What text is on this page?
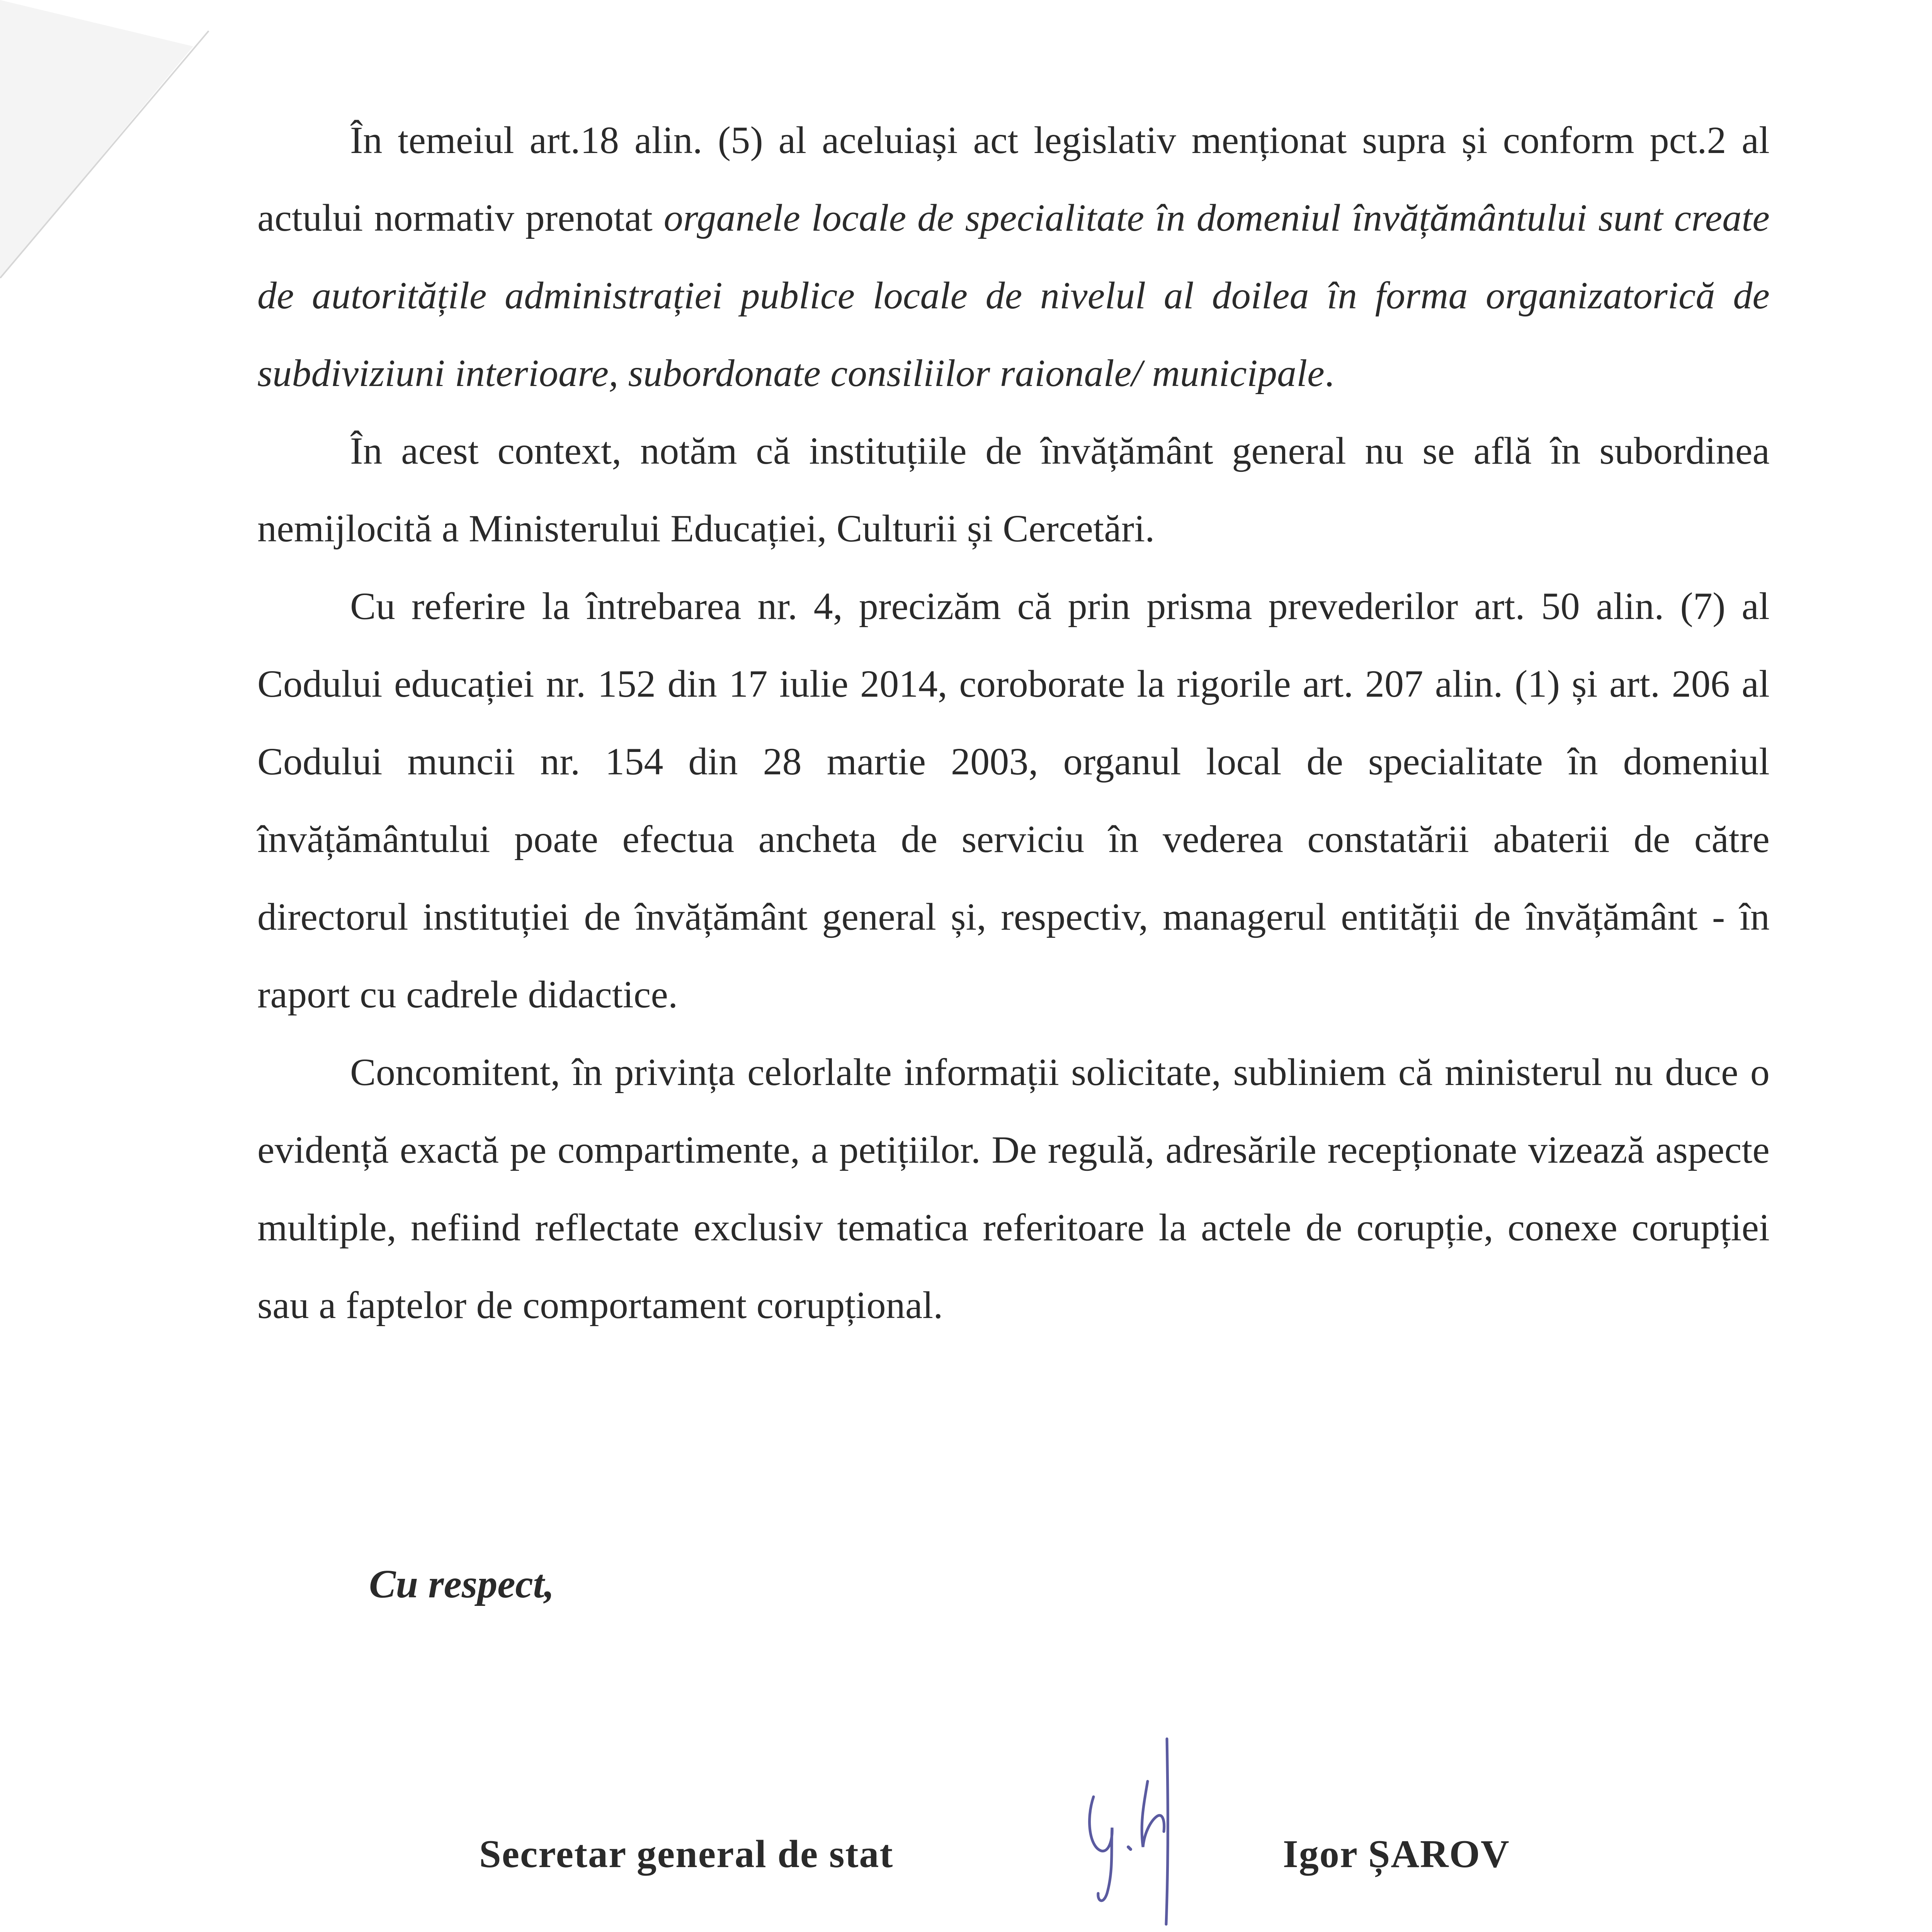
În temeiul art.18 alin. (5) al aceluiași act legislativ menționat supra și conform pct.2 al actului normativ prenotat organele locale de specialitate în domeniul învățământului sunt create de autoritățile administrației publice locale de nivelul al doilea în forma organizatorică de subdiviziuni interioare, subordonate consiliilor raionale/ municipale.

În acest context, notăm că instituțiile de învățământ general nu se află în subordinea nemijlocită a Ministerului Educației, Culturii și Cercetări.

Cu referire la întrebarea nr. 4, precizăm că prin prisma prevederilor art. 50 alin. (7) al Codului educației nr. 152 din 17 iulie 2014, coroborate la rigorile art. 207 alin. (1) și art. 206 al Codului muncii nr. 154 din 28 martie 2003, organul local de specialitate în domeniul învățământului poate efectua ancheta de serviciu în vederea constatării abaterii de către directorul instituției de învățământ general și, respectiv, managerul entității de învățământ - în raport cu cadrele didactice.

Concomitent, în privința celorlalte informații solicitate, subliniem că ministerul nu duce o evidență exactă pe compartimente, a petițiilor. De regulă, adresările recepționate vizează aspecte multiple, nefiind reflectate exclusiv tematica referitoare la actele de corupție, conexe corupției sau a faptelor de comportament corupțional.

Cu respect,
Secretar general de stat	Igor ȘAROV
